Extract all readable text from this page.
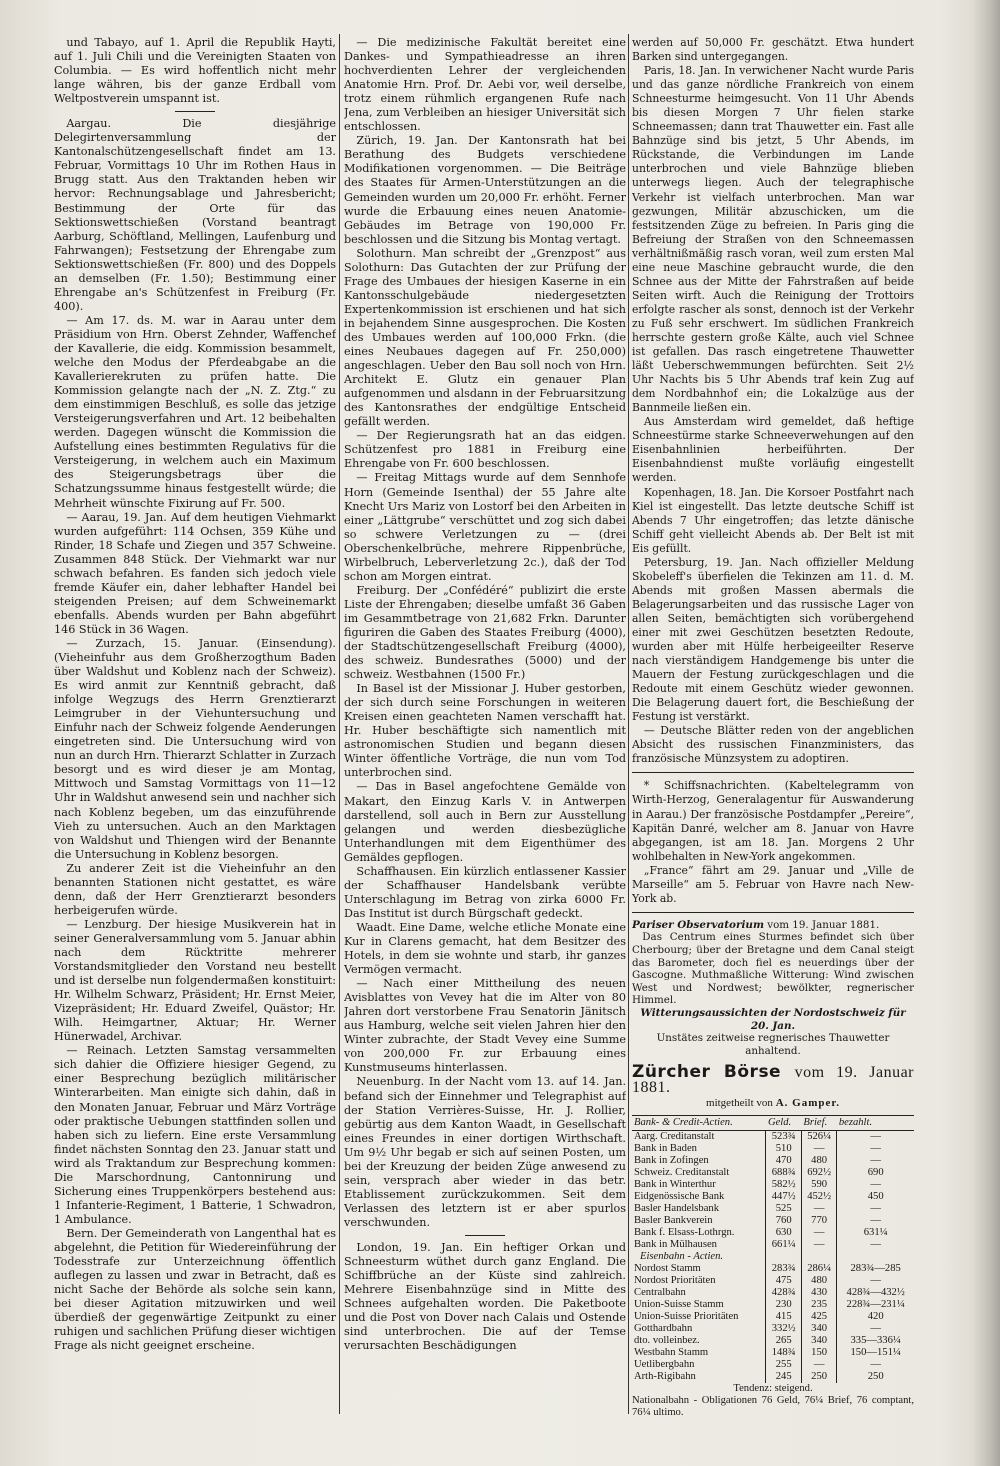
und Tabayo, auf 1. April die Republik Hayti, auf 1. Juli Chili und die Vereinigten Staaten von Columbia. — Es wird hoffentlich nicht mehr lange währen, bis der ganze Erdball vom Weltpostverein umspannt ist.

Aargau. Die diesjährige Delegirtenversammlung der Kantonalschützengesellschaft findet am 13. Februar, Vormittags 10 Uhr im Rothen Haus in Brugg statt. Aus den Traktanden heben wir hervor: Rechnungsablage und Jahresbericht; Bestimmung der Orte für das Sektionswettschießen (Vorstand beantragt Aarburg, Schöftland, Mellingen, Laufenburg und Fahrwangen); Festsetzung der Ehrengabe zum Sektionswettschießen (Fr. 800) und des Doppels an demselben (Fr. 1.50); Bestimmung einer Ehrengabe an's Schützenfest in Freiburg (Fr. 400).

— Am 17. ds. M. war in Aarau unter dem Präsidium von Hrn. Oberst Zehnder, Waffenchef der Kavallerie, die eidg. Kommission besammelt, welche den Modus der Pferdeabgabe an die Kavallerierekruten zu prüfen hatte. Die Kommission gelangte nach der „N. Z. Ztg.“ zu dem einstimmigen Beschluß, es solle das jetzige Versteigerungsverfahren und Art. 12 beibehalten werden. Dagegen wünscht die Kommission die Aufstellung eines bestimmten Regulativs für die Versteigerung, in welchem auch ein Maximum des Steigerungsbetrags über die Schatzungssumme hinaus festgestellt würde; die Mehrheit wünschte Fixirung auf Fr. 500.

— Aarau, 19. Jan. Auf dem heutigen Viehmarkt wurden aufgeführt: 114 Ochsen, 359 Kühe und Rinder, 18 Schafe und Ziegen und 357 Schweine. Zusammen 848 Stück. Der Viehmarkt war nur schwach befahren. Es fanden sich jedoch viele fremde Käufer ein, daher lebhafter Handel bei steigenden Preisen; auf dem Schweinemarkt ebenfalls. Abends wurden per Bahn abgeführt 146 Stück in 36 Wagen.

— Zurzach, 15. Januar. (Einsendung). (Vieheinfuhr aus dem Großherzogthum Baden über Waldshut und Koblenz nach der Schweiz). Es wird anmit zur Kenntniß gebracht, daß infolge Wegzugs des Herrn Grenztierarzt Leimgruber in der Viehuntersuchung und Einfuhr nach der Schweiz folgende Aenderungen eingetreten sind. Die Untersuchung wird von nun an durch Hrn. Thierarzt Schlatter in Zurzach besorgt und es wird dieser je am Montag, Mittwoch und Samstag Vormittags von 11—12 Uhr in Waldshut anwesend sein und nachher sich nach Koblenz begeben, um das einzuführende Vieh zu untersuchen. Auch an den Marktagen von Waldshut und Thiengen wird der Benannte die Untersuchung in Koblenz besorgen.

Zu anderer Zeit ist die Vieheinfuhr an den benannten Stationen nicht gestattet, es wäre denn, daß der Herr Grenztierarzt besonders herbeigerufen würde.

— Lenzburg. Der hiesige Musikverein hat in seiner Generalversammlung vom 5. Januar abhin nach dem Rücktritte mehrerer Vorstandsmitglieder den Vorstand neu bestellt und ist derselbe nun folgendermaßen konstituirt: Hr. Wilhelm Schwarz, Präsident; Hr. Ernst Meier, Vizepräsident; Hr. Eduard Zweifel, Quästor; Hr. Wilh. Heimgartner, Aktuar; Hr. Werner Hünerwadel, Archivar.

— Reinach. Letzten Samstag versammelten sich dahier die Offiziere hiesiger Gegend, zu einer Besprechung bezüglich militärischer Winterarbeiten. Man einigte sich dahin, daß in den Monaten Januar, Februar und März Vorträge oder praktische Uebungen stattfinden sollen und haben sich zu liefern. Eine erste Versammlung findet nächsten Sonntag den 23. Januar statt und wird als Traktandum zur Besprechung kommen: Die Marschordnung, Cantonnirung und Sicherung eines Truppenkörpers bestehend aus: 1 Infanterie-Regiment, 1 Batterie, 1 Schwadron, 1 Ambulance.

Bern. Der Gemeinderath von Langenthal hat es abgelehnt, die Petition für Wiedereinführung der Todesstrafe zur Unterzeichnung öffentlich auflegen zu lassen und zwar in Betracht, daß es nicht Sache der Behörde als solche sein kann, bei dieser Agitation mitzuwirken und weil überdieß der gegenwärtige Zeitpunkt zu einer ruhigen und sachlichen Prüfung dieser wichtigen Frage als nicht geeignet erscheine.

— Die medizinische Fakultät bereitet eine Dankes- und Sympathieadresse an ihren hochverdienten Lehrer der vergleichenden Anatomie Hrn. Prof. Dr. Aebi vor, weil derselbe, trotz einem rühmlich ergangenen Rufe nach Jena, zum Verbleiben an hiesiger Universität sich entschlossen.

Zürich, 19. Jan. Der Kantonsrath hat bei Berathung des Budgets verschiedene Modifikationen vorgenommen. — Die Beiträge des Staates für Armen-Unterstützungen an die Gemeinden wurden um 20,000 Fr. erhöht. Ferner wurde die Erbauung eines neuen Anatomie-Gebäudes im Betrage von 190,000 Fr. beschlossen und die Sitzung bis Montag vertagt.

Solothurn. Man schreibt der „Grenzpost“ aus Solothurn: Das Gutachten der zur Prüfung der Frage des Umbaues der hiesigen Kaserne in ein Kantonsschulgebäude niedergesetzten Expertenkommission ist erschienen und hat sich in bejahendem Sinne ausgesprochen. Die Kosten des Umbaues werden auf 100,000 Frkn. (die eines Neubaues dagegen auf Fr. 250,000) angeschlagen. Ueber den Bau soll noch von Hrn. Architekt E. Glutz ein genauer Plan aufgenommen und alsdann in der Februarsitzung des Kantonsrathes der endgültige Entscheid gefällt werden.

— Der Regierungsrath hat an das eidgen. Schützenfest pro 1881 in Freiburg eine Ehrengabe von Fr. 600 beschlossen.

— Freitag Mittags wurde auf dem Sennhofe Horn (Gemeinde Isenthal) der 55 Jahre alte Knecht Urs Mariz von Lostorf bei den Arbeiten in einer „Lättgrube“ verschüttet und zog sich dabei so schwere Verletzungen zu — (drei Oberschenkelbrüche, mehrere Rippenbrüche, Wirbelbruch, Leberverletzung 2c.), daß der Tod schon am Morgen eintrat.

Freiburg. Der „Confédéré“ publizirt die erste Liste der Ehrengaben; dieselbe umfaßt 36 Gaben im Gesammtbetrage von 21,682 Frkn. Darunter figuriren die Gaben des Staates Freiburg (4000), der Stadtschützengesellschaft Freiburg (4000), des schweiz. Bundesrathes (5000) und der schweiz. Westbahnen (1500 Fr.)

In Basel ist der Missionar J. Huber gestorben, der sich durch seine Forschungen in weiteren Kreisen einen geachteten Namen verschafft hat. Hr. Huber beschäftigte sich namentlich mit astronomischen Studien und begann diesen Winter öffentliche Vorträge, die nun vom Tod unterbrochen sind.

— Das in Basel angefochtene Gemälde von Makart, den Einzug Karls V. in Antwerpen darstellend, soll auch in Bern zur Ausstellung gelangen und werden diesbezügliche Unterhandlungen mit dem Eigenthümer des Gemäldes gepflogen.

Schaffhausen. Ein kürzlich entlassener Kassier der Schaffhauser Handelsbank verübte Unterschlagung im Betrag von zirka 6000 Fr. Das Institut ist durch Bürgschaft gedeckt.

Waadt. Eine Dame, welche etliche Monate eine Kur in Clarens gemacht, hat dem Besitzer des Hotels, in dem sie wohnte und starb, ihr ganzes Vermögen vermacht.

— Nach einer Mittheilung des neuen Avisblattes von Vevey hat die im Alter von 80 Jahren dort verstorbene Frau Senatorin Jänitsch aus Hamburg, welche seit vielen Jahren hier den Winter zubrachte, der Stadt Vevey eine Summe von 200,000 Fr. zur Erbauung eines Kunstmuseums hinterlassen.

Neuenburg. In der Nacht vom 13. auf 14. Jan. befand sich der Einnehmer und Telegraphist auf der Station Verrières-Suisse, Hr. J. Rollier, gebürtig aus dem Kanton Waadt, in Gesellschaft eines Freundes in einer dortigen Wirthschaft. Um 9½ Uhr begab er sich auf seinen Posten, um bei der Kreuzung der beiden Züge anwesend zu sein, versprach aber wieder in das betr. Etablissement zurückzukommen. Seit dem Verlassen des letztern ist er aber spurlos verschwunden.

London, 19. Jan. Ein heftiger Orkan und Schneesturm wüthet durch ganz England. Die Schiffbrüche an der Küste sind zahlreich. Mehrere Eisenbahnzüge sind in Mitte des Schnees aufgehalten worden. Die Paketboote und die Post von Dover nach Calais und Ostende sind unterbrochen. Die auf der Temse verursachten Beschädigungen

werden auf 50,000 Fr. geschätzt. Etwa hundert Barken sind untergegangen.

Paris, 18. Jan. In verwichener Nacht wurde Paris und das ganze nördliche Frankreich von einem Schneesturme heimgesucht. Von 11 Uhr Abends bis diesen Morgen 7 Uhr fielen starke Schneemassen; dann trat Thauwetter ein. Fast alle Bahnzüge sind bis jetzt, 5 Uhr Abends, im Rückstande, die Verbindungen im Lande unterbrochen und viele Bahnzüge blieben unterwegs liegen. Auch der telegraphische Verkehr ist vielfach unterbrochen. Man war gezwungen, Militär abzuschicken, um die festsitzenden Züge zu befreien. In Paris ging die Befreiung der Straßen von den Schneemassen verhältnißmäßig rasch voran, weil zum ersten Mal eine neue Maschine gebraucht wurde, die den Schnee aus der Mitte der Fahrstraßen auf beide Seiten wirft. Auch die Reinigung der Trottoirs erfolgte rascher als sonst, dennoch ist der Verkehr zu Fuß sehr erschwert. Im südlichen Frankreich herrschte gestern große Kälte, auch viel Schnee ist gefallen. Das rasch eingetretene Thauwetter läßt Ueberschwemmungen befürchten. Seit 2½ Uhr Nachts bis 5 Uhr Abends traf kein Zug auf dem Nordbahnhof ein; die Lokalzüge aus der Bannmeile ließen ein.

Aus Amsterdam wird gemeldet, daß heftige Schneestürme starke Schneeverwehungen auf den Eisenbahnlinien herbeiführten. Der Eisenbahndienst mußte vorläufig eingestellt werden.

Kopenhagen, 18. Jan. Die Korsoer Postfahrt nach Kiel ist eingestellt. Das letzte deutsche Schiff ist Abends 7 Uhr eingetroffen; das letzte dänische Schiff geht vielleicht Abends ab. Der Belt ist mit Eis gefüllt.

Petersburg, 19. Jan. Nach offizieller Meldung Skobeleff's überfielen die Tekinzen am 11. d. M. Abends mit großen Massen abermals die Belagerungsarbeiten und das russische Lager von allen Seiten, bemächtigten sich vorübergehend einer mit zwei Geschützen besetzten Redoute, wurden aber mit Hülfe herbeigeeilter Reserve nach vierständigem Handgemenge bis unter die Mauern der Festung zurückgeschlagen und die Redoute mit einem Geschütz wieder gewonnen. Die Belagerung dauert fort, die Beschießung der Festung ist verstärkt.

— Deutsche Blätter reden von der angeblichen Absicht des russischen Finanzministers, das französische Münzsystem zu adoptiren.

* Schiffsnachrichten. (Kabeltelegramm von Wirth-Herzog, Generalagentur für Auswanderung in Aarau.) Der französische Postdampfer „Pereire“, Kapitän Danré, welcher am 8. Januar von Havre abgegangen, ist am 18. Jan. Morgens 2 Uhr wohlbehalten in New-York angekommen.

„France“ fährt am 29. Januar und „Ville de Marseille“ am 5. Februar von Havre nach New-York ab.

Pariser Observatorium vom 19. Januar 1881.
Das Centrum eines Sturmes befindet sich über Cherbourg; über der Bretagne und dem Canal steigt das Barometer, doch fiel es neuerdings über der Gascogne. Muthmaßliche Witterung: Wind zwischen West und Nordwest; bewölkter, regnerischer Himmel.
Witterungsaussichten der Nordostschweiz für 20. Jan.
Unstätes zeitweise regnerisches Thauwetter anhaltend.
Zürcher Börse vom 19. Januar 1881.
mitgetheilt von A. Gamper.
Bank- & Credit-Actien.	Geld.	Brief.	bezahlt.
Aarg. Creditanstalt	523¾	526¼	—
Bank in Baden	510	—	—
Bank in Zofingen	470	480	—
Schweiz. Creditanstalt	688¾	692½	690
Bank in Winterthur	582½	590	—
Eidgenössische Bank	447½	452½	450
Basler Handelsbank	525	—	—
Basler Bankverein	760	770	—
Bank f. Elsass-Lothrgn.	630	—	631¼
Bank in Mülhausen	661¼	—	—
Eisenbahn - Actien.			
Nordost Stamm	283¾	286¼	283¾—285
Nordost Prioritäten	475	480	—
Centralbahn	428¾	430	428¾—432½
Union-Suisse Stamm	230	235	228¾—231¼
Union-Suisse Prioritäten	415	425	420
Gotthardbahn	332½	340	—
dto. volleinbez.	265	340	335—336¼
Westbahn Stamm	148¾	150	150—151¼
Uetlibergbahn	255	—	—
Arth-Rigibahn	245	250	250
Tendenz: steigend.
Nationalbahn - Obligationen 76 Geld, 76¼ Brief, 76 comptant, 76¼ ultimo.
